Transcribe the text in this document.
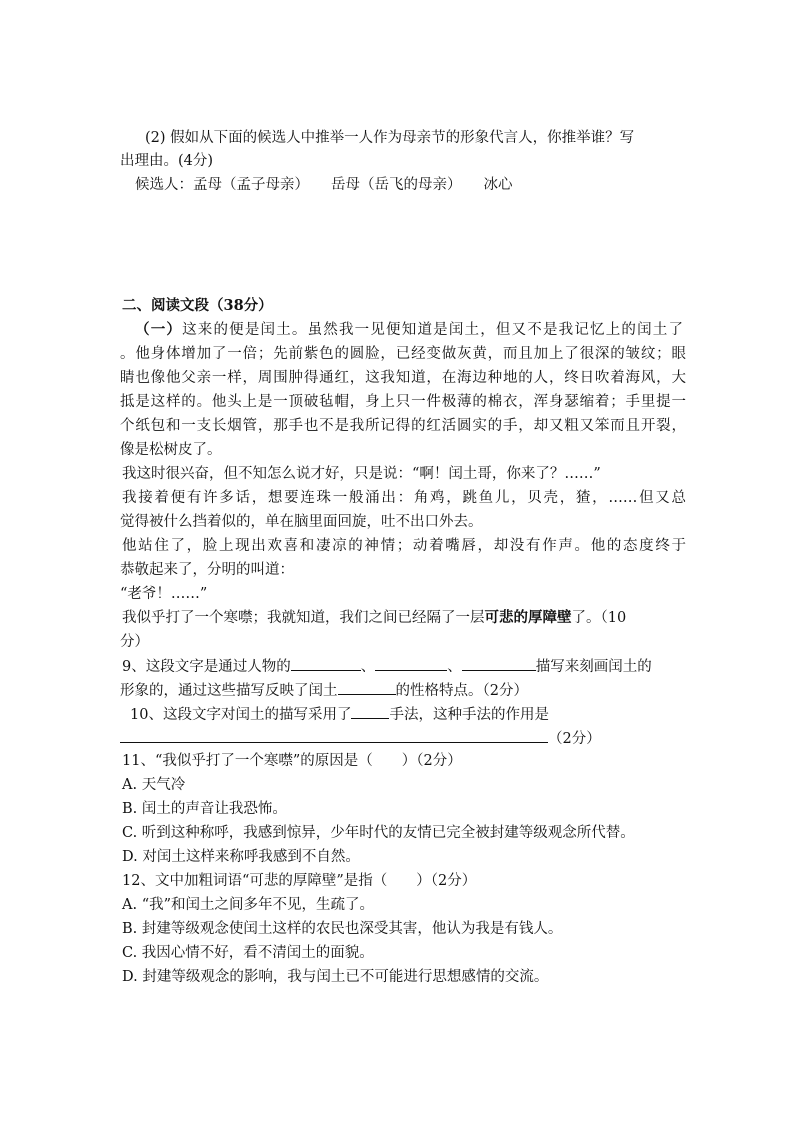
(2) 假如从下面的候选人中推举一人作为母亲节的形象代言人，你推举谁？写
出理由。(4分)
候选人：孟母（孟子母亲） 岳母（岳飞的母亲） 冰心
二、阅读文段（38分）
（一）这来的便是闰土。虽然我一见便知道是闰土，但又不是我记忆上的闰土了
。他身体增加了一倍；先前紫色的圆脸，已经变做灰黄，而且加上了很深的皱纹；眼
睛也像他父亲一样，周围肿得通红，这我知道，在海边种地的人，终日吹着海风，大
抵是这样的。他头上是一顶破毡帽，身上只一件极薄的棉衣，浑身瑟缩着；手里提一
个纸包和一支长烟管，那手也不是我所记得的红活圆实的手，却又粗又笨而且开裂，
像是松树皮了。
我这时很兴奋，但不知怎么说才好，只是说：“啊！闰土哥，你来了？……”
我接着便有许多话，想要连珠一般涌出：角鸡，跳鱼儿，贝壳，猹，……但又总
觉得被什么挡着似的，单在脑里面回旋，吐不出口外去。
他站住了，脸上现出欢喜和凄凉的神情；动着嘴唇，却没有作声。他的态度终于
恭敬起来了，分明的叫道：
“老爷！……”
我似乎打了一个寒噤；我就知道，我们之间已经隔了一层可悲的厚障壁了。（10
分）
9、这段文字是通过人物的	、	、	描写来刻画闰土的
形象的，通过这些描写反映了闰土	的性格特点。（2分）
10、这段文字对闰土的描写采用了	手法，这种手法的作用是
（2分）
11、“我似乎打了一个寒噤”的原因是（　　）（2分）
A. 天气冷
B. 闰土的声音让我恐怖。
C. 听到这种称呼，我感到惊异，少年时代的友情已完全被封建等级观念所代替。
D. 对闰土这样来称呼我感到不自然。
12、文中加粗词语“可悲的厚障壁”是指（　　）（2分）
A. “我”和闰土之间多年不见，生疏了。
B. 封建等级观念使闰土这样的农民也深受其害，他认为我是有钱人。
C. 我因心情不好，看不清闰土的面貌。
D. 封建等级观念的影响，我与闰土已不可能进行思想感情的交流。
